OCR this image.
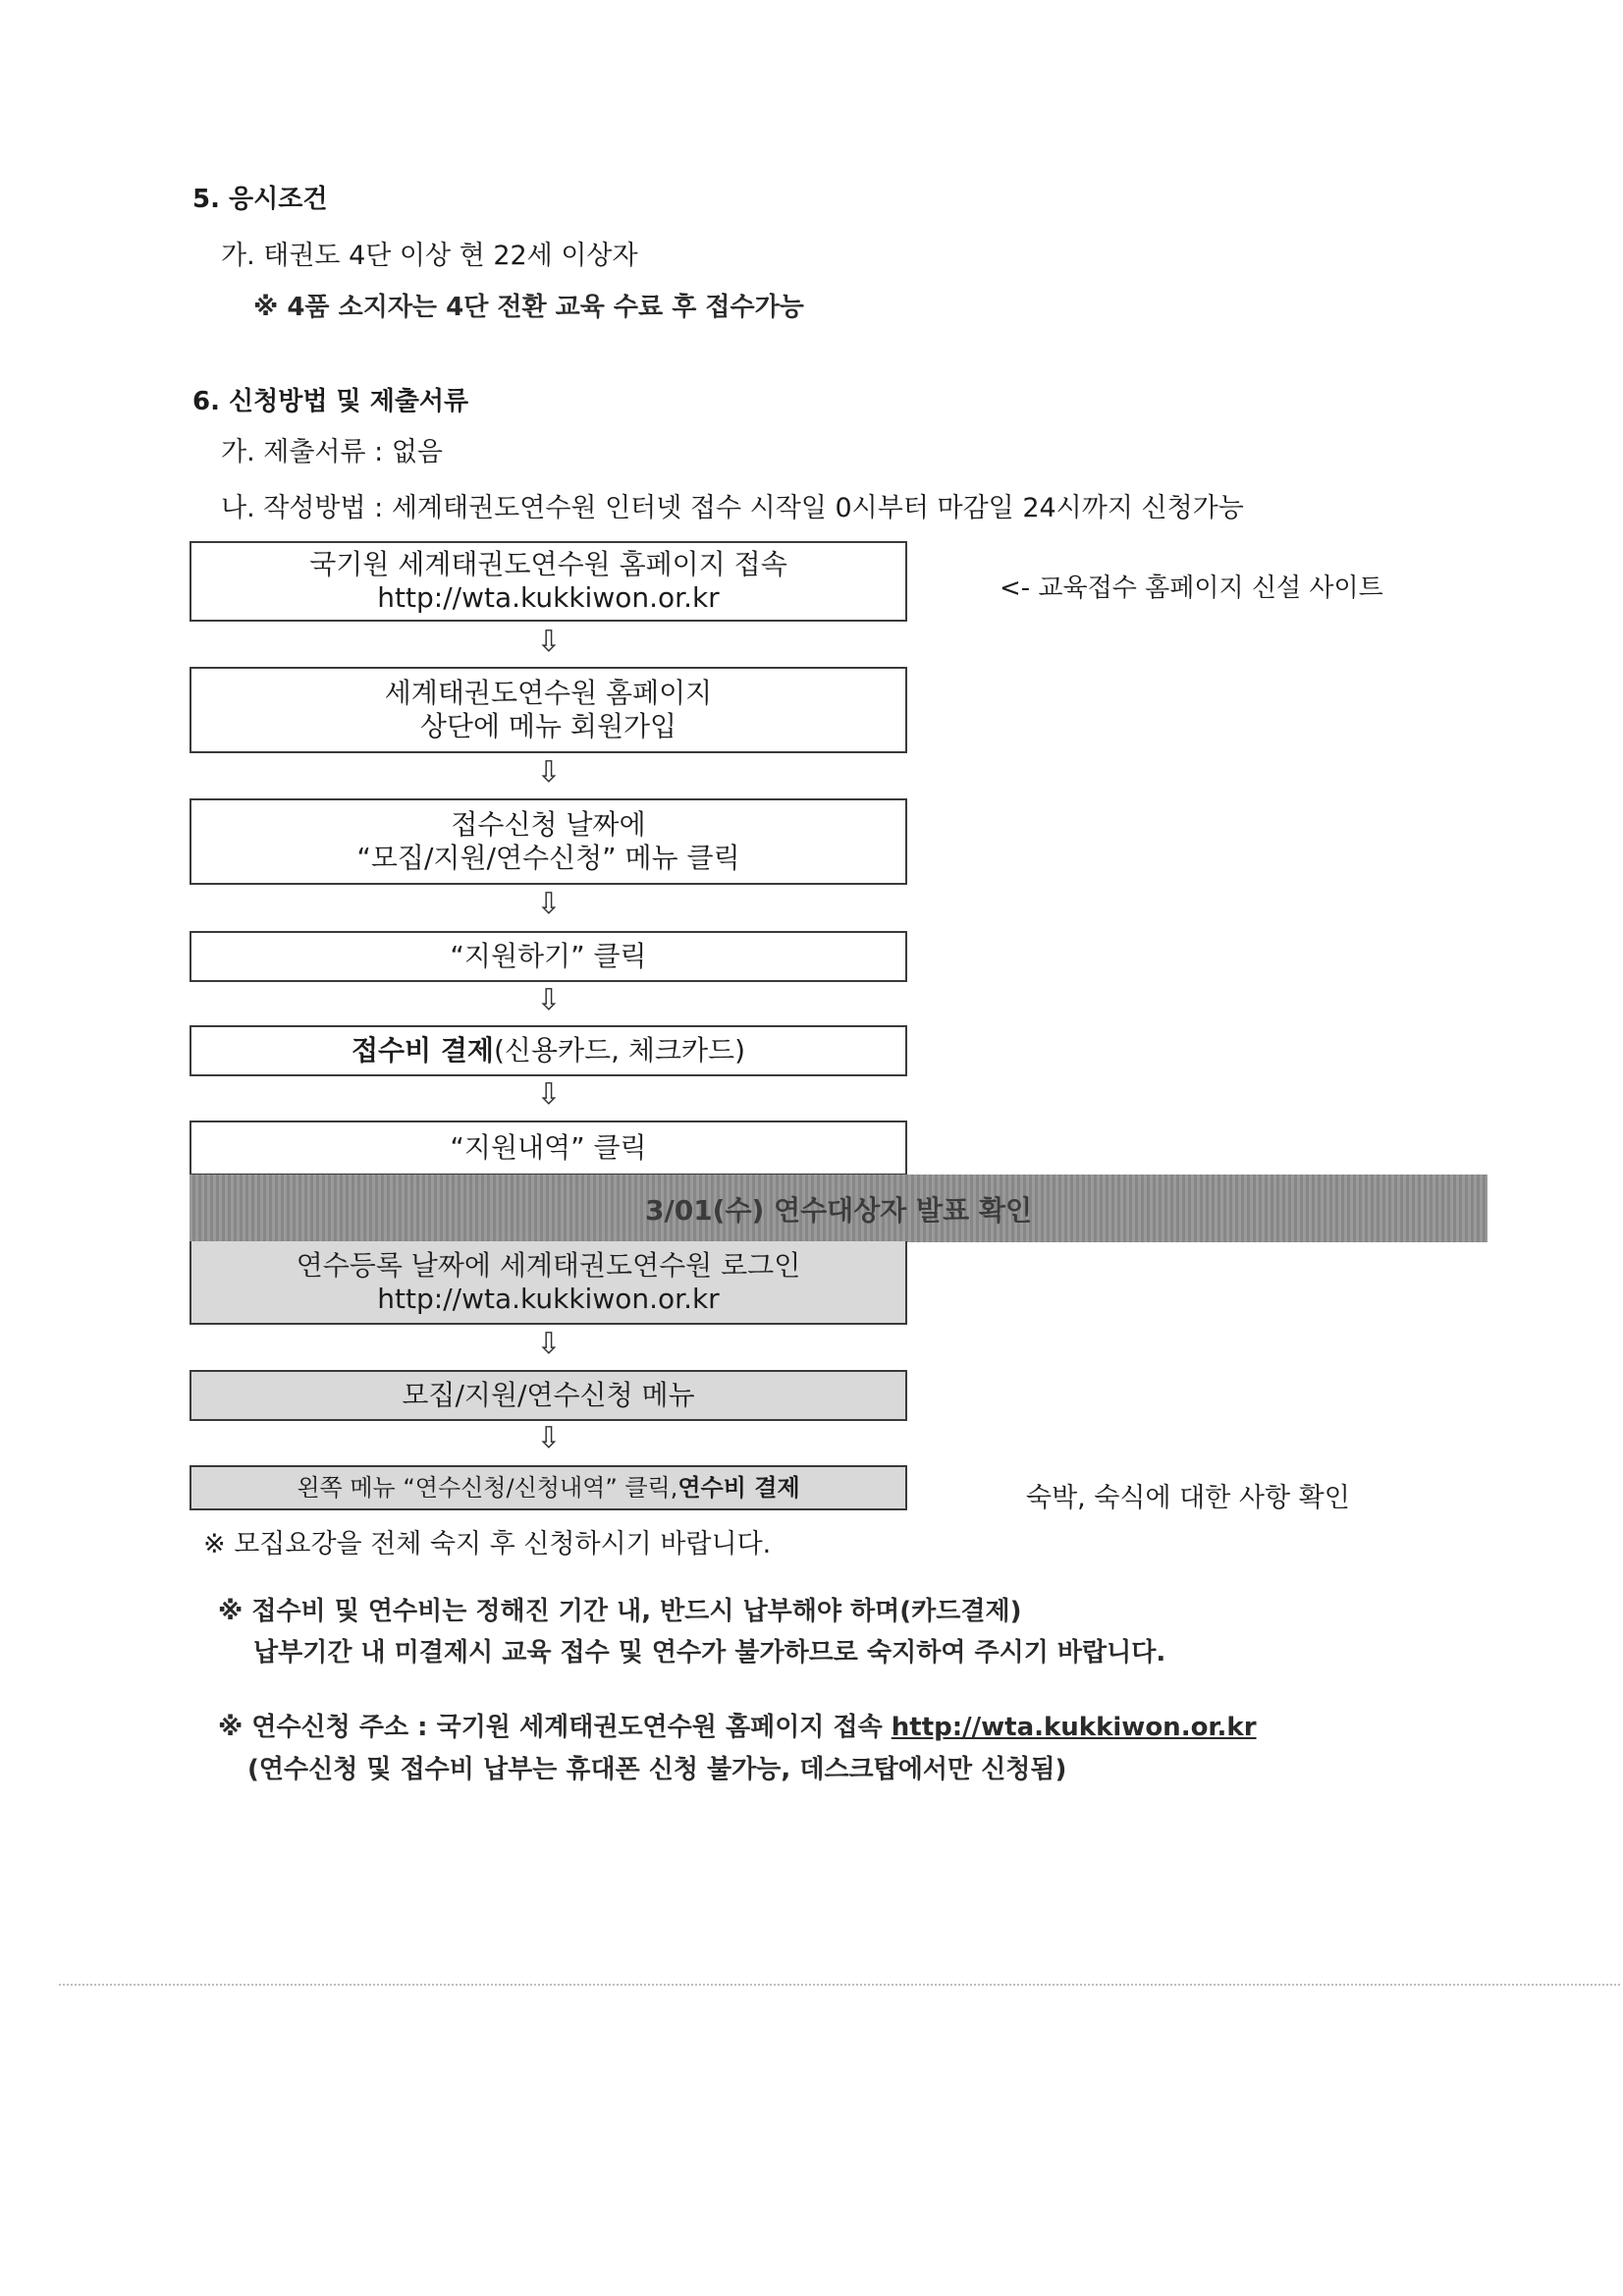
5. 응시조건
가. 태권도 4단 이상 현 22세 이상자
※ 4품 소지자는 4단 전환 교육 수료 후 접수가능
6. 신청방법 및 제출서류
가. 제출서류 : 없음
나. 작성방법 : 세계태권도연수원 인터넷 접수 시작일 0시부터 마감일 24시까지 신청가능
국기원 세계태권도연수원 홈페이지 접속
http://wta.kukkiwon.or.kr	<- 교육접수 홈페이지 신설 사이트
⇩
세계태권도연수원 홈페이지
상단에 메뉴 회원가입
⇩
접수신청 날짜에
“모집/지원/연수신청” 메뉴 클릭
⇩
“지원하기” 클릭
⇩
접수비 결제 (신용카드, 체크카드)
⇩
“지원내역” 클릭
3/01(수) 연수대상자 발표 확인
연수등록 날짜에 세계태권도연수원 로그인
http://wta.kukkiwon.or.kr
⇩
모집/지원/연수신청 메뉴
⇩
왼쪽 메뉴 “연수신청/신청내역” 클릭, 연수비 결제	숙박, 숙식에 대한 사항 확인
※ 모집요강을 전체 숙지 후 신청하시기 바랍니다.
※ 접수비 및 연수비는 정해진 기간 내, 반드시 납부해야 하며(카드결제)
납부기간 내 미결제시 교육 접수 및 연수가 불가하므로 숙지하여 주시기 바랍니다.
※ 연수신청 주소 : 국기원 세계태권도연수원 홈페이지 접속 http://wta.kukkiwon.or.kr
(연수신청 및 접수비 납부는 휴대폰 신청 불가능, 데스크탑에서만 신청됨)
